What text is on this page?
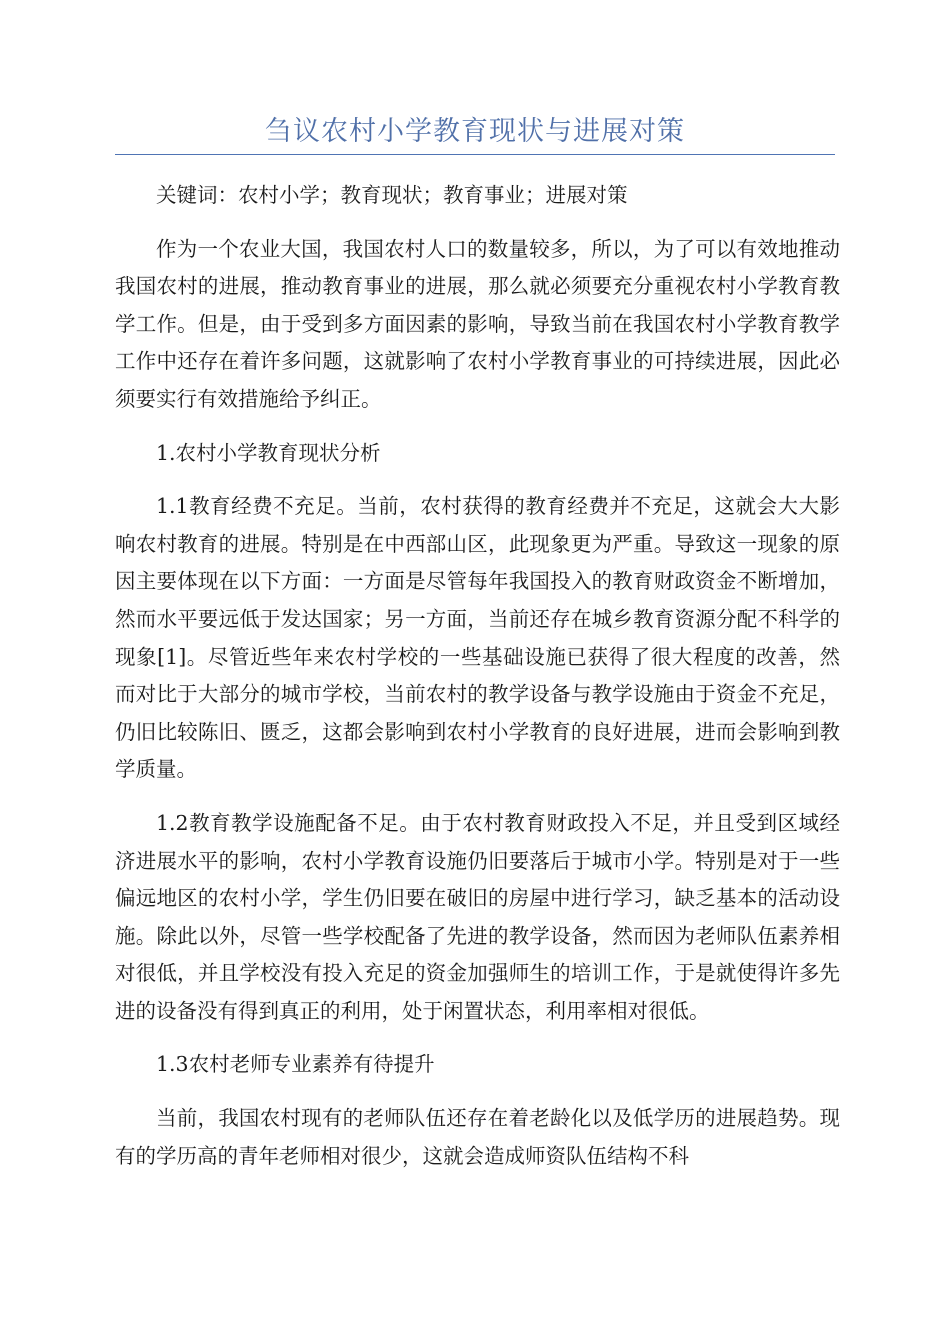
刍议农村小学教育现状与进展对策

关键词：农村小学；教育现状；教育事业；进展对策

作为一个农业大国，我国农村人口的数量较多，所以，为了可以有效地推动我国农村的进展，推动教育事业的进展，那么就必须要充分重视农村小学教育教学工作。但是，由于受到多方面因素的影响，导致当前在我国农村小学教育教学工作中还存在着许多问题，这就影响了农村小学教育事业的可持续进展，因此必须要实行有效措施给予纠正。

1.农村小学教育现状分析

1.1教育经费不充足。当前，农村获得的教育经费并不充足，这就会大大影响农村教育的进展。特别是在中西部山区，此现象更为严重。导致这一现象的原因主要体现在以下方面：一方面是尽管每年我国投入的教育财政资金不断增加，然而水平要远低于发达国家；另一方面，当前还存在城乡教育资源分配不科学的现象[1]。尽管近些年来农村学校的一些基础设施已获得了很大程度的改善，然而对比于大部分的城市学校，当前农村的教学设备与教学设施由于资金不充足，仍旧比较陈旧、匮乏，这都会影响到农村小学教育的良好进展，进而会影响到教学质量。

1.2教育教学设施配备不足。由于农村教育财政投入不足，并且受到区域经济进展水平的影响，农村小学教育设施仍旧要落后于城市小学。特别是对于一些偏远地区的农村小学，学生仍旧要在破旧的房屋中进行学习，缺乏基本的活动设施。除此以外，尽管一些学校配备了先进的教学设备，然而因为老师队伍素养相对很低，并且学校没有投入充足的资金加强师生的培训工作，于是就使得许多先进的设备没有得到真正的利用，处于闲置状态，利用率相对很低。

1.3农村老师专业素养有待提升

当前，我国农村现有的老师队伍还存在着老龄化以及低学历的进展趋势。现有的学历高的青年老师相对很少，这就会造成师资队伍结构不科
